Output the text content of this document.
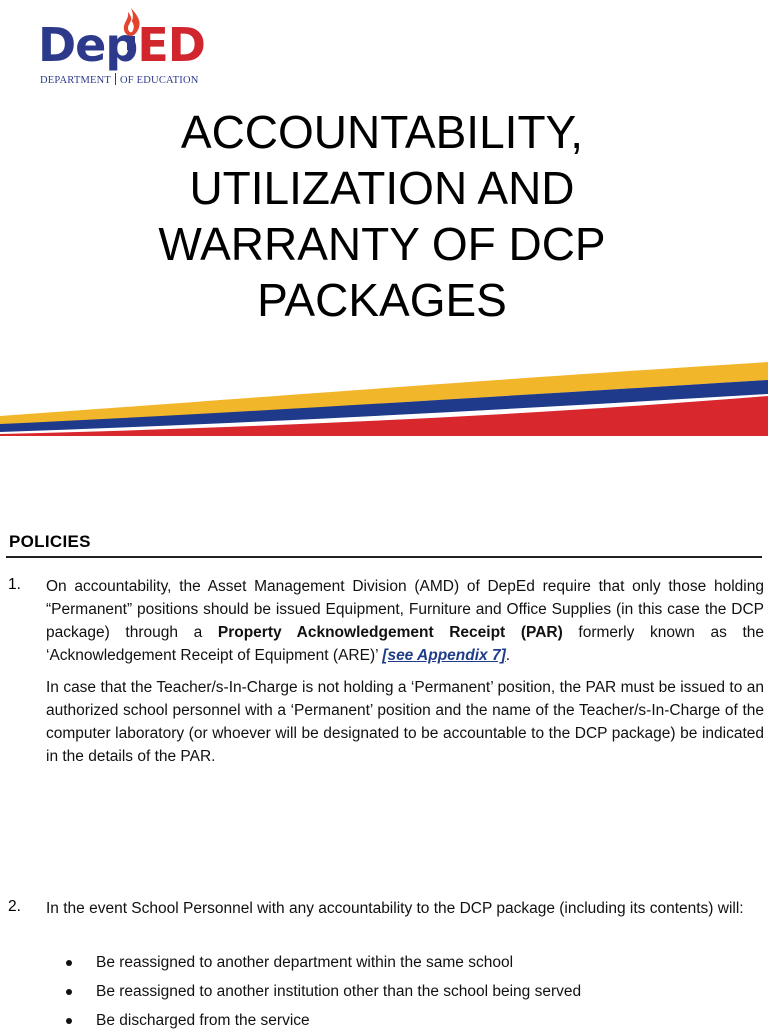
DepED
DEPARTMENT OF EDUCATION
ACCOUNTABILITY,
UTILIZATION AND
WARRANTY OF DCP
PACKAGES
POLICIES
1. On accountability, the Asset Management Division (AMD) of DepEd require that only those holding “Permanent” positions should be issued Equipment, Furniture and Office Supplies (in this case the DCP package) through a Property Acknowledgement Receipt (PAR) formerly known as the ‘Acknowledgement Receipt of Equipment (ARE)’ [see Appendix 7].

In case that the Teacher/s-In-Charge is not holding a ‘Permanent’ position, the PAR must be issued to an authorized school personnel with a ‘Permanent’ position and the name of the Teacher/s-In-Charge of the computer laboratory (or whoever will be designated to be accountable to the DCP package) be indicated in the details of the PAR.

2. In the event School Personnel with any accountability to the DCP package (including its contents) will:

Be reassigned to another department within the same school
Be reassigned to another institution other than the school being served
Be discharged from the service
